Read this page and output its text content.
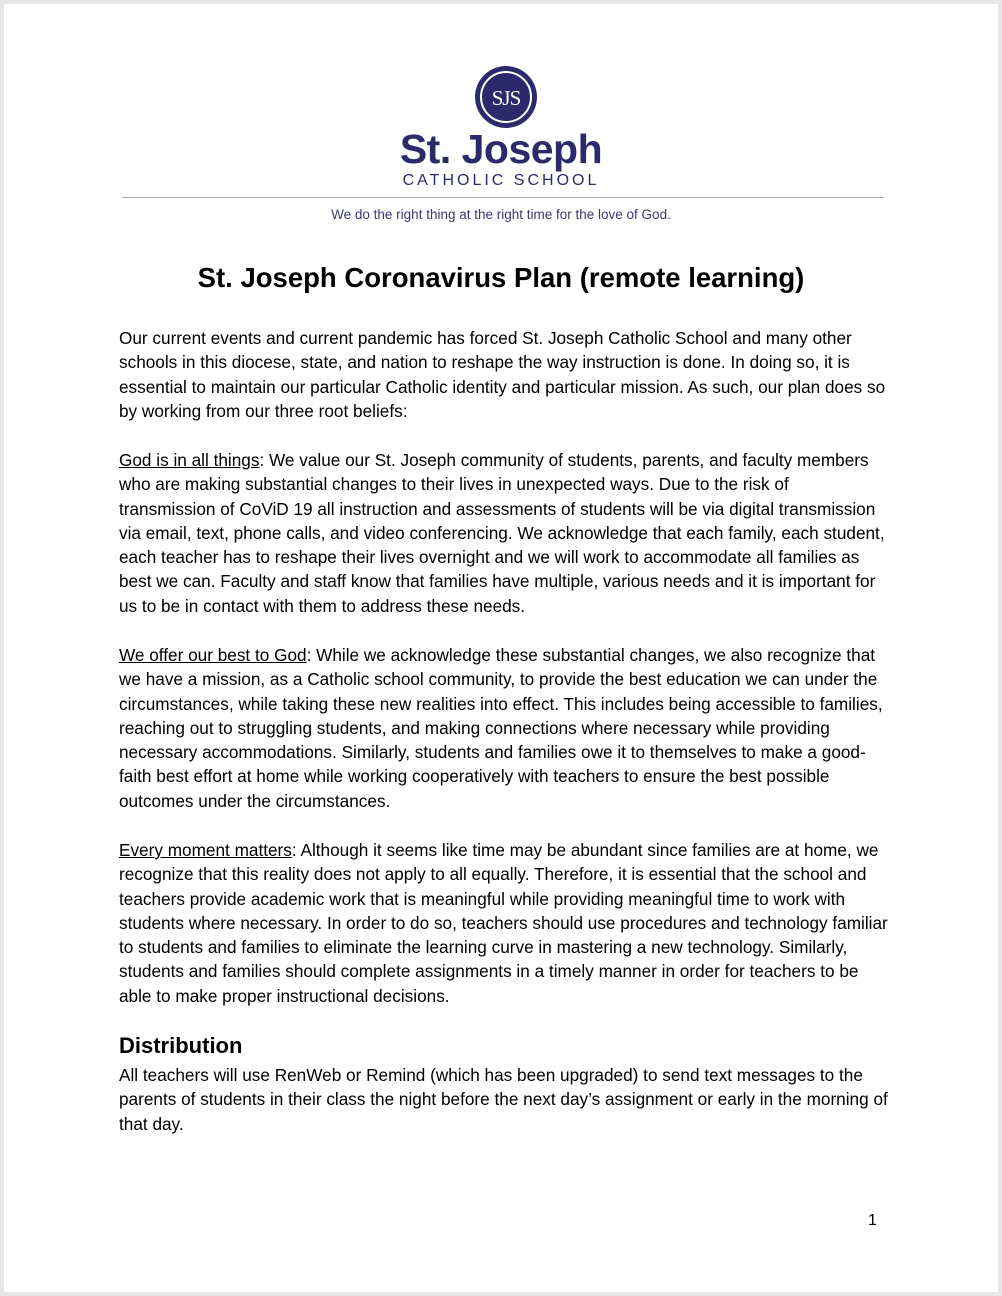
SJS
St. Joseph
CATHOLIC SCHOOL
We do the right thing at the right time for the love of God.
St. Joseph Coronavirus Plan (remote learning)

Our current events and current pandemic has forced St. Joseph Catholic School and many other schools in this diocese, state, and nation to reshape the way instruction is done. In doing so, it is essential to maintain our particular Catholic identity and particular mission. As such, our plan does so by working from our three root beliefs:

God is in all things: We value our St. Joseph community of students, parents, and faculty members who are making substantial changes to their lives in unexpected ways. Due to the risk of transmission of CoViD 19 all instruction and assessments of students will be via digital transmission via email, text, phone calls, and video conferencing. We acknowledge that each family, each student, each teacher has to reshape their lives overnight and we will work to accommodate all families as best we can. Faculty and staff know that families have multiple, various needs and it is important for us to be in contact with them to address these needs.

We offer our best to God: While we acknowledge these substantial changes, we also recognize that we have a mission, as a Catholic school community, to provide the best education we can under the circumstances, while taking these new realities into effect. This includes being accessible to families, reaching out to struggling students, and making connections where necessary while providing necessary accommodations. Similarly, students and families owe it to themselves to make a good-faith best effort at home while working cooperatively with teachers to ensure the best possible outcomes under the circumstances.

Every moment matters: Although it seems like time may be abundant since families are at home, we recognize that this reality does not apply to all equally. Therefore, it is essential that the school and teachers provide academic work that is meaningful while providing meaningful time to work with students where necessary. In order to do so, teachers should use procedures and technology familiar to students and families to eliminate the learning curve in mastering a new technology. Similarly, students and families should complete assignments in a timely manner in order for teachers to be able to make proper instructional decisions.

Distribution

All teachers will use RenWeb or Remind (which has been upgraded) to send text messages to the parents of students in their class the night before the next day’s assignment or early in the morning of that day.

1
